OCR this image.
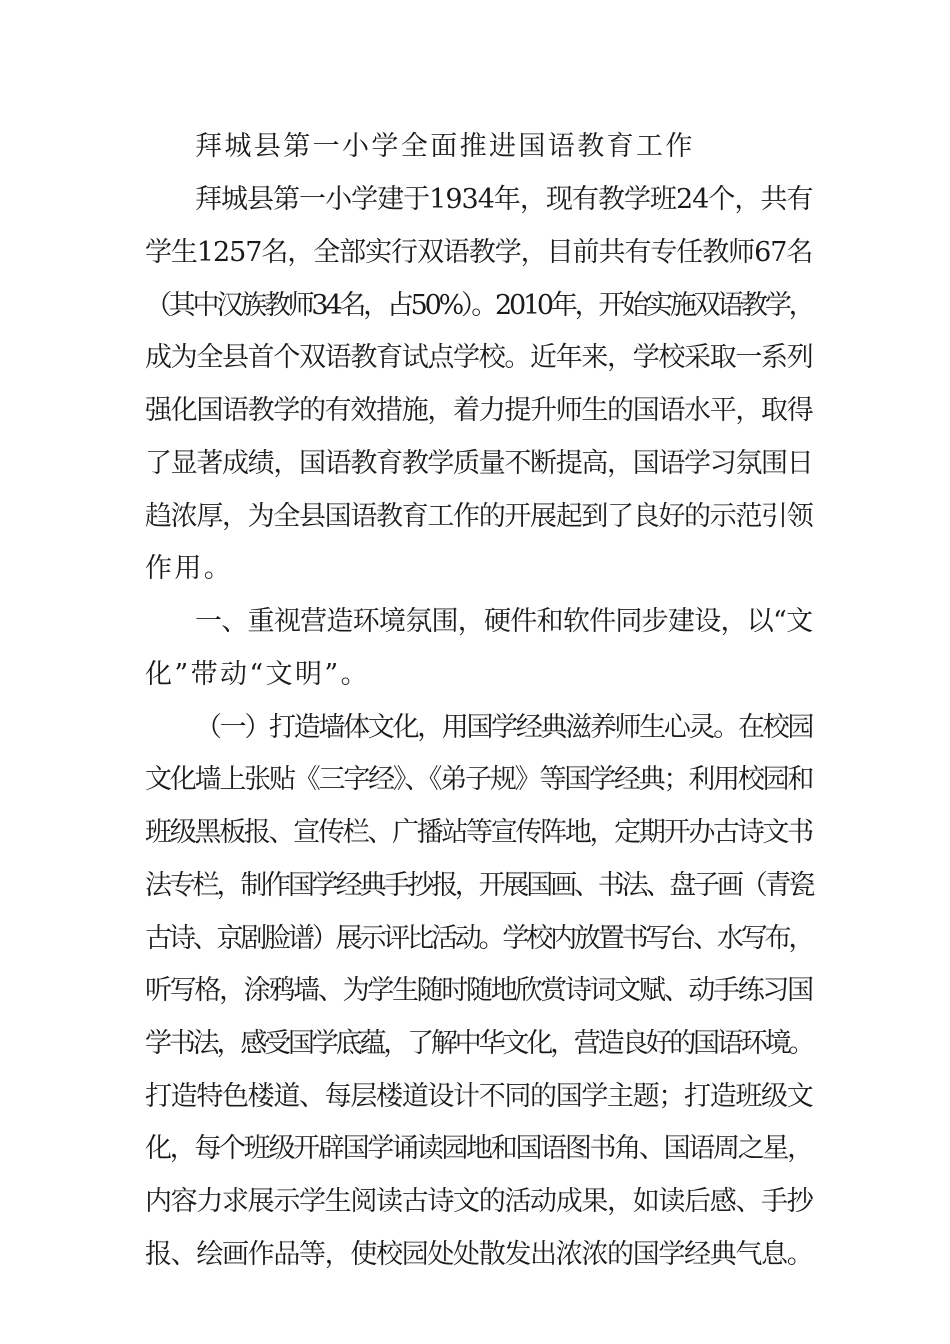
拜城县第一小学全面推进国语教育工作
拜城县第一小学建于1934年，现有教学班24个，共有
学生1257名，全部实行双语教学，目前共有专任教师67名
（其中汉族教师34名，占50%）。2010年，开始实施双语教学，
成为全县首个双语教育试点学校。近年来，学校采取一系列
强化国语教学的有效措施，着力提升师生的国语水平，取得
了显著成绩，国语教育教学质量不断提高，国语学习氛围日
趋浓厚，为全县国语教育工作的开展起到了良好的示范引领
作用。
一、重视营造环境氛围，硬件和软件同步建设，以“文
化”带动“文明”。
（一）打造墙体文化，用国学经典滋养师生心灵。在校园
文化墙上张贴《三字经》、《弟子规》等国学经典；利用校园和
班级黑板报、宣传栏、广播站等宣传阵地，定期开办古诗文书
法专栏，制作国学经典手抄报，开展国画、书法、盘子画（青瓷
古诗、京剧脸谱）展示评比活动。学校内放置书写台、水写布，
听写格，涂鸦墙、为学生随时随地欣赏诗词文赋、动手练习国
学书法，感受国学底蕴，了解中华文化，营造良好的国语环境。
打造特色楼道、每层楼道设计不同的国学主题；打造班级文
化，每个班级开辟国学诵读园地和国语图书角、国语周之星，
内容力求展示学生阅读古诗文的活动成果，如读后感、手抄
报、绘画作品等，使校园处处散发出浓浓的国学经典气息。
